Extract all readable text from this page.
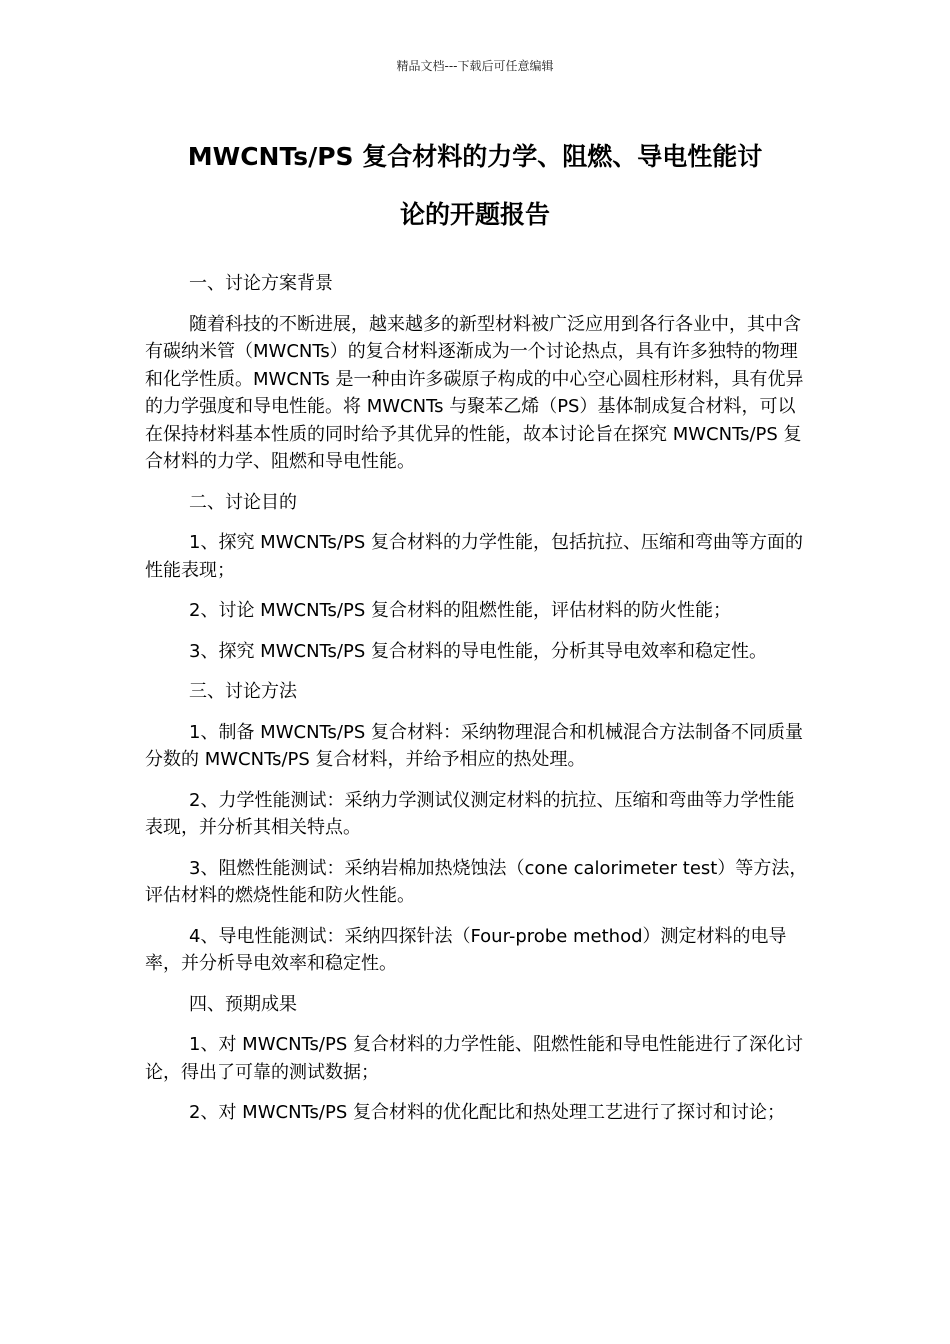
精品文档---下载后可任意编辑
MWCNTs/PS 复合材料的力学、阻燃、导电性能讨
论的开题报告

一、讨论方案背景

随着科技的不断进展，越来越多的新型材料被广泛应用到各行各业中，其中含有碳纳米管（MWCNTs）的复合材料逐渐成为一个讨论热点，具有许多独特的物理和化学性质。MWCNTs 是一种由许多碳原子构成的中心空心圆柱形材料，具有优异的力学强度和导电性能。将 MWCNTs 与聚苯乙烯（PS）基体制成复合材料，可以在保持材料基本性质的同时给予其优异的性能，故本讨论旨在探究 MWCNTs/PS 复合材料的力学、阻燃和导电性能。

二、讨论目的

1、探究 MWCNTs/PS 复合材料的力学性能，包括抗拉、压缩和弯曲等方面的性能表现；

2、讨论 MWCNTs/PS 复合材料的阻燃性能，评估材料的防火性能；

3、探究 MWCNTs/PS 复合材料的导电性能，分析其导电效率和稳定性。

三、讨论方法

1、制备 MWCNTs/PS 复合材料：采纳物理混合和机械混合方法制备不同质量分数的 MWCNTs/PS 复合材料，并给予相应的热处理。

2、力学性能测试：采纳力学测试仪测定材料的抗拉、压缩和弯曲等力学性能表现，并分析其相关特点。

3、阻燃性能测试：采纳岩棉加热烧蚀法（cone calorimeter test）等方法，评估材料的燃烧性能和防火性能。

4、导电性能测试：采纳四探针法（Four-probe method）测定材料的电导率，并分析导电效率和稳定性。

四、预期成果

1、对 MWCNTs/PS 复合材料的力学性能、阻燃性能和导电性能进行了深化讨论，得出了可靠的测试数据；

2、对 MWCNTs/PS 复合材料的优化配比和热处理工艺进行了探讨和讨论；
